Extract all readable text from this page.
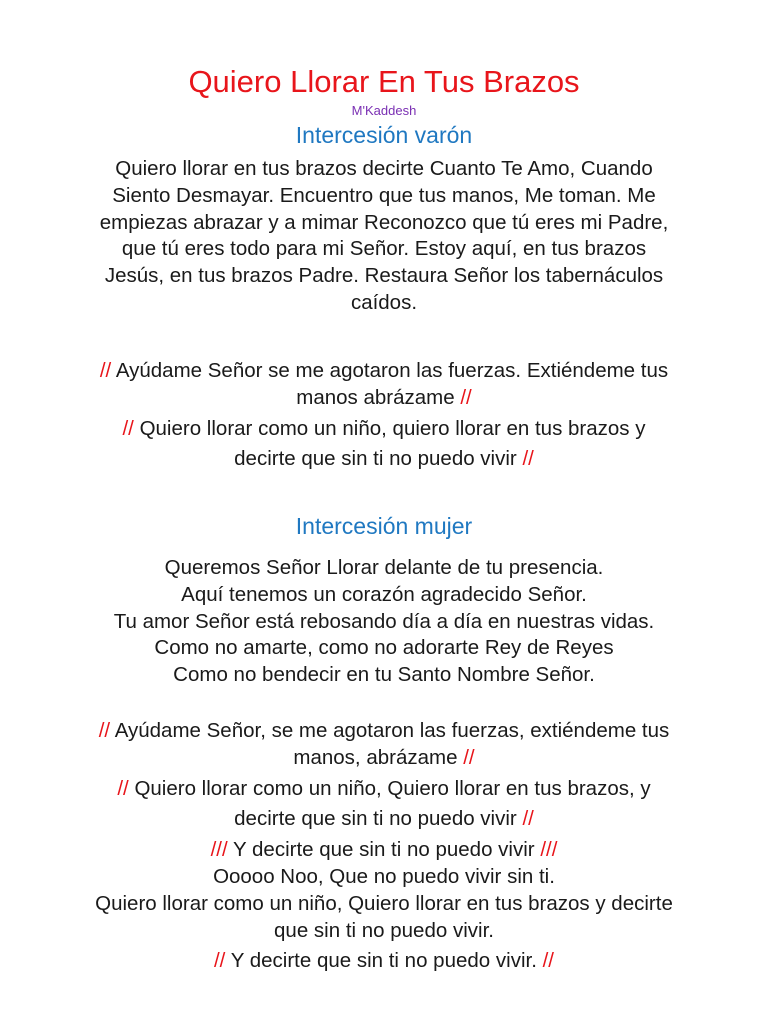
Quiero Llorar En Tus Brazos
M'Kaddesh
Intercesión varón
Quiero llorar en tus brazos decirte Cuanto Te Amo, Cuando
Siento Desmayar. Encuentro que tus manos, Me toman. Me
empiezas abrazar y a mimar Reconozco que tú eres mi Padre,
que tú eres todo para mi Señor. Estoy aquí, en tus brazos
Jesús, en tus brazos Padre. Restaura Señor los tabernáculos
caídos.
// Ayúdame Señor se me agotaron las fuerzas. Extiéndeme tus
manos abrázame //
// Quiero llorar como un niño, quiero llorar en tus brazos y
decirte que sin ti no puedo vivir //
Intercesión mujer
Queremos Señor Llorar delante de tu presencia.
Aquí tenemos un corazón agradecido Señor.
Tu amor Señor está rebosando día a día en nuestras vidas.
Como no amarte, como no adorarte Rey de Reyes
Como no bendecir en tu Santo Nombre Señor.
// Ayúdame Señor, se me agotaron las fuerzas, extiéndeme tus
manos, abrázame //
// Quiero llorar como un niño, Quiero llorar en tus brazos, y
decirte que sin ti no puedo vivir //
/// Y decirte que sin ti no puedo vivir ///
Ooooo Noo, Que no puedo vivir sin ti.
Quiero llorar como un niño, Quiero llorar en tus brazos y decirte
que sin ti no puedo vivir.
// Y decirte que sin ti no puedo vivir. //
